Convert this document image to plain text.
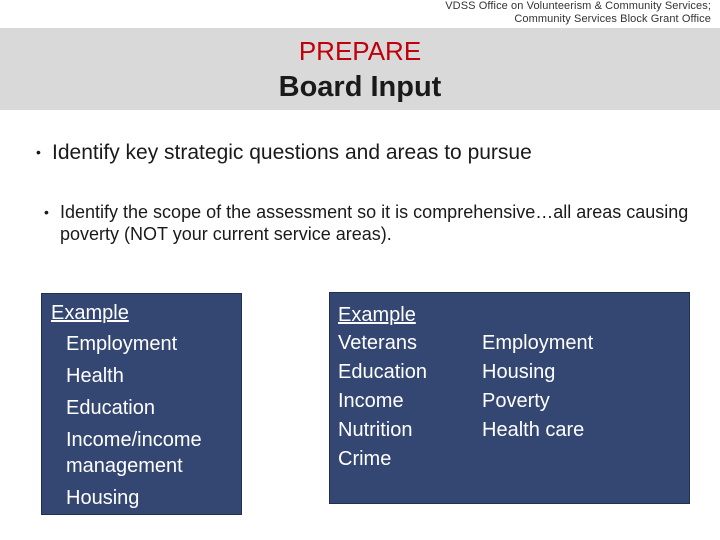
VDSS Office on Volunteerism & Community Services;
Community Services Block Grant Office
PREPARE
Board Input
• Identify key strategic questions and areas to pursue
• Identify the scope of the assessment so it is comprehensive…all areas causing poverty (NOT your current service areas).
Example
Employment
Health
Education
Income/income management
Housing
Example
Veterans
Education
Income
Nutrition
Crime
Employment
Housing
Poverty
Health care
